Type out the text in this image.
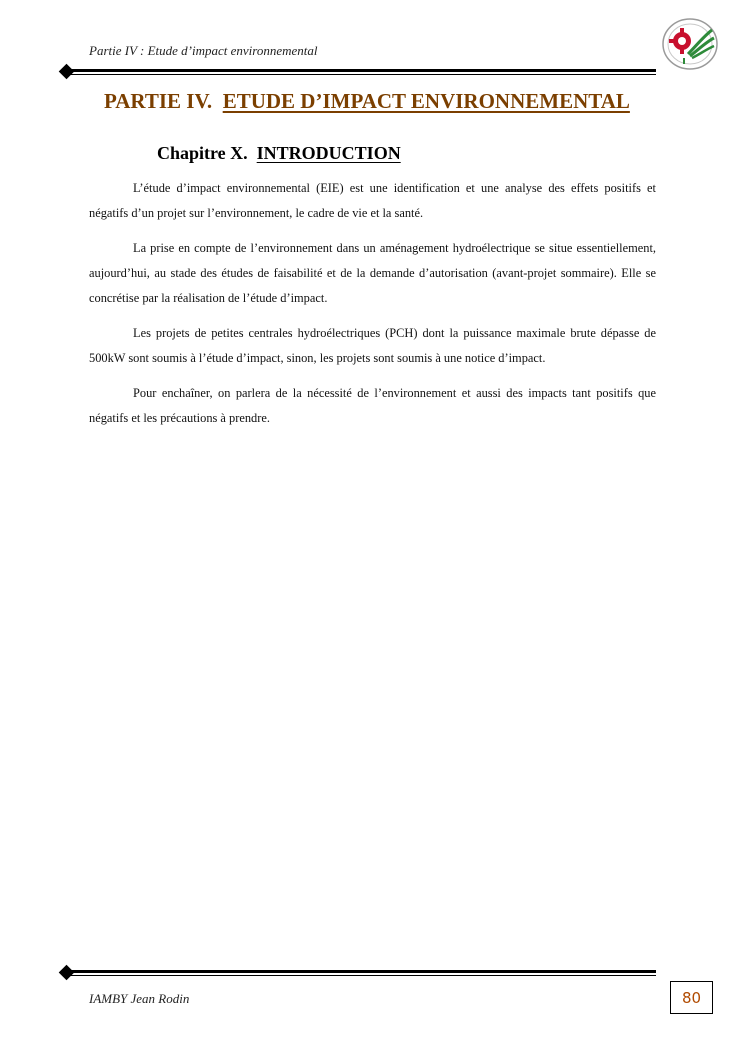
Partie IV : Etude d’impact environnemental
PARTIE IV. ETUDE D’IMPACT ENVIRONNEMENTAL
Chapitre X. INTRODUCTION

L’étude d’impact environnemental (EIE) est une identification et une analyse des effets positifs et négatifs d’un projet sur l’environnement, le cadre de vie et la santé.

La prise en compte de l’environnement dans un aménagement hydroélectrique se situe essentiellement, aujourd’hui, au stade des études de faisabilité et de la demande d’autorisation (avant-projet sommaire). Elle se concrétise par la réalisation de l’étude d’impact.

Les projets de petites centrales hydroélectriques (PCH) dont la puissance maximale brute dépasse de 500kW sont soumis à l’étude d’impact, sinon, les projets sont soumis à une notice d’impact.

Pour enchaîner, on parlera de la nécessité de l’environnement et aussi des impacts tant positifs que négatifs et les précautions à prendre.

IAMBY Jean Rodin	80
